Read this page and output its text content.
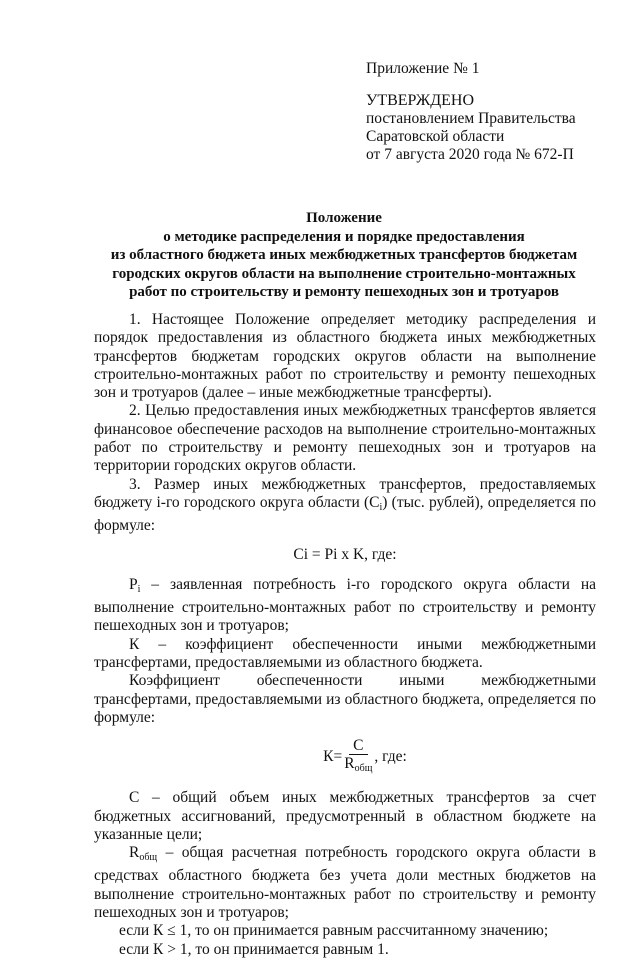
Приложение № 1
УТВЕРЖДЕНО
постановлением Правительства
Саратовской области
от 7 августа 2020 года № 672-П
Положение
о методике распределения и порядке предоставления
из областного бюджета иных межбюджетных трансфертов бюджетам
городских округов области на выполнение строительно-монтажных
работ по строительству и ремонту пешеходных зон и тротуаров

1. Настоящее Положение определяет методику распределения и порядок предоставления из областного бюджета иных межбюджетных трансфертов бюджетам городских округов области на выполнение строительно-монтажных работ по строительству и ремонту пешеходных зон и тротуаров (далее – иные межбюджетные трансферты).

2. Целью предоставления иных межбюджетных трансфертов является финансовое обеспечение расходов на выполнение строительно-монтажных работ по строительству и ремонту пешеходных зон и тротуаров на территории городских округов области.

3. Размер иных межбюджетных трансфертов, предоставляемых бюджету i-го городского округа области $(C_i)$ (тыс. рублей), определяется по формуле:

Ci = Pi x K, где:

$P_i$ – заявленная потребность i-го городского округа области на выполнение строительно-монтажных работ по строительству и ремонту пешеходных зон и тротуаров;

К – коэффициент обеспеченности иными межбюджетными трансфертами, предоставляемыми из областного бюджета.

Коэффициент обеспеченности иными межбюджетными трансфертами, предоставляемыми из областного бюджета, определяется по формуле:

$К= \frac{C}{R_{общ}}$ , где:

С – общий объем иных межбюджетных трансфертов за счет бюджетных ассигнований, предусмотренный в областном бюджете на указанные цели;

$R_{общ}$ – общая расчетная потребность городского округа области в средствах областного бюджета без учета доли местных бюджетов на выполнение строительно-монтажных работ по строительству и ремонту пешеходных зон и тротуаров;

если К ≤ 1, то он принимается равным рассчитанному значению;

если К > 1, то он принимается равным 1.
